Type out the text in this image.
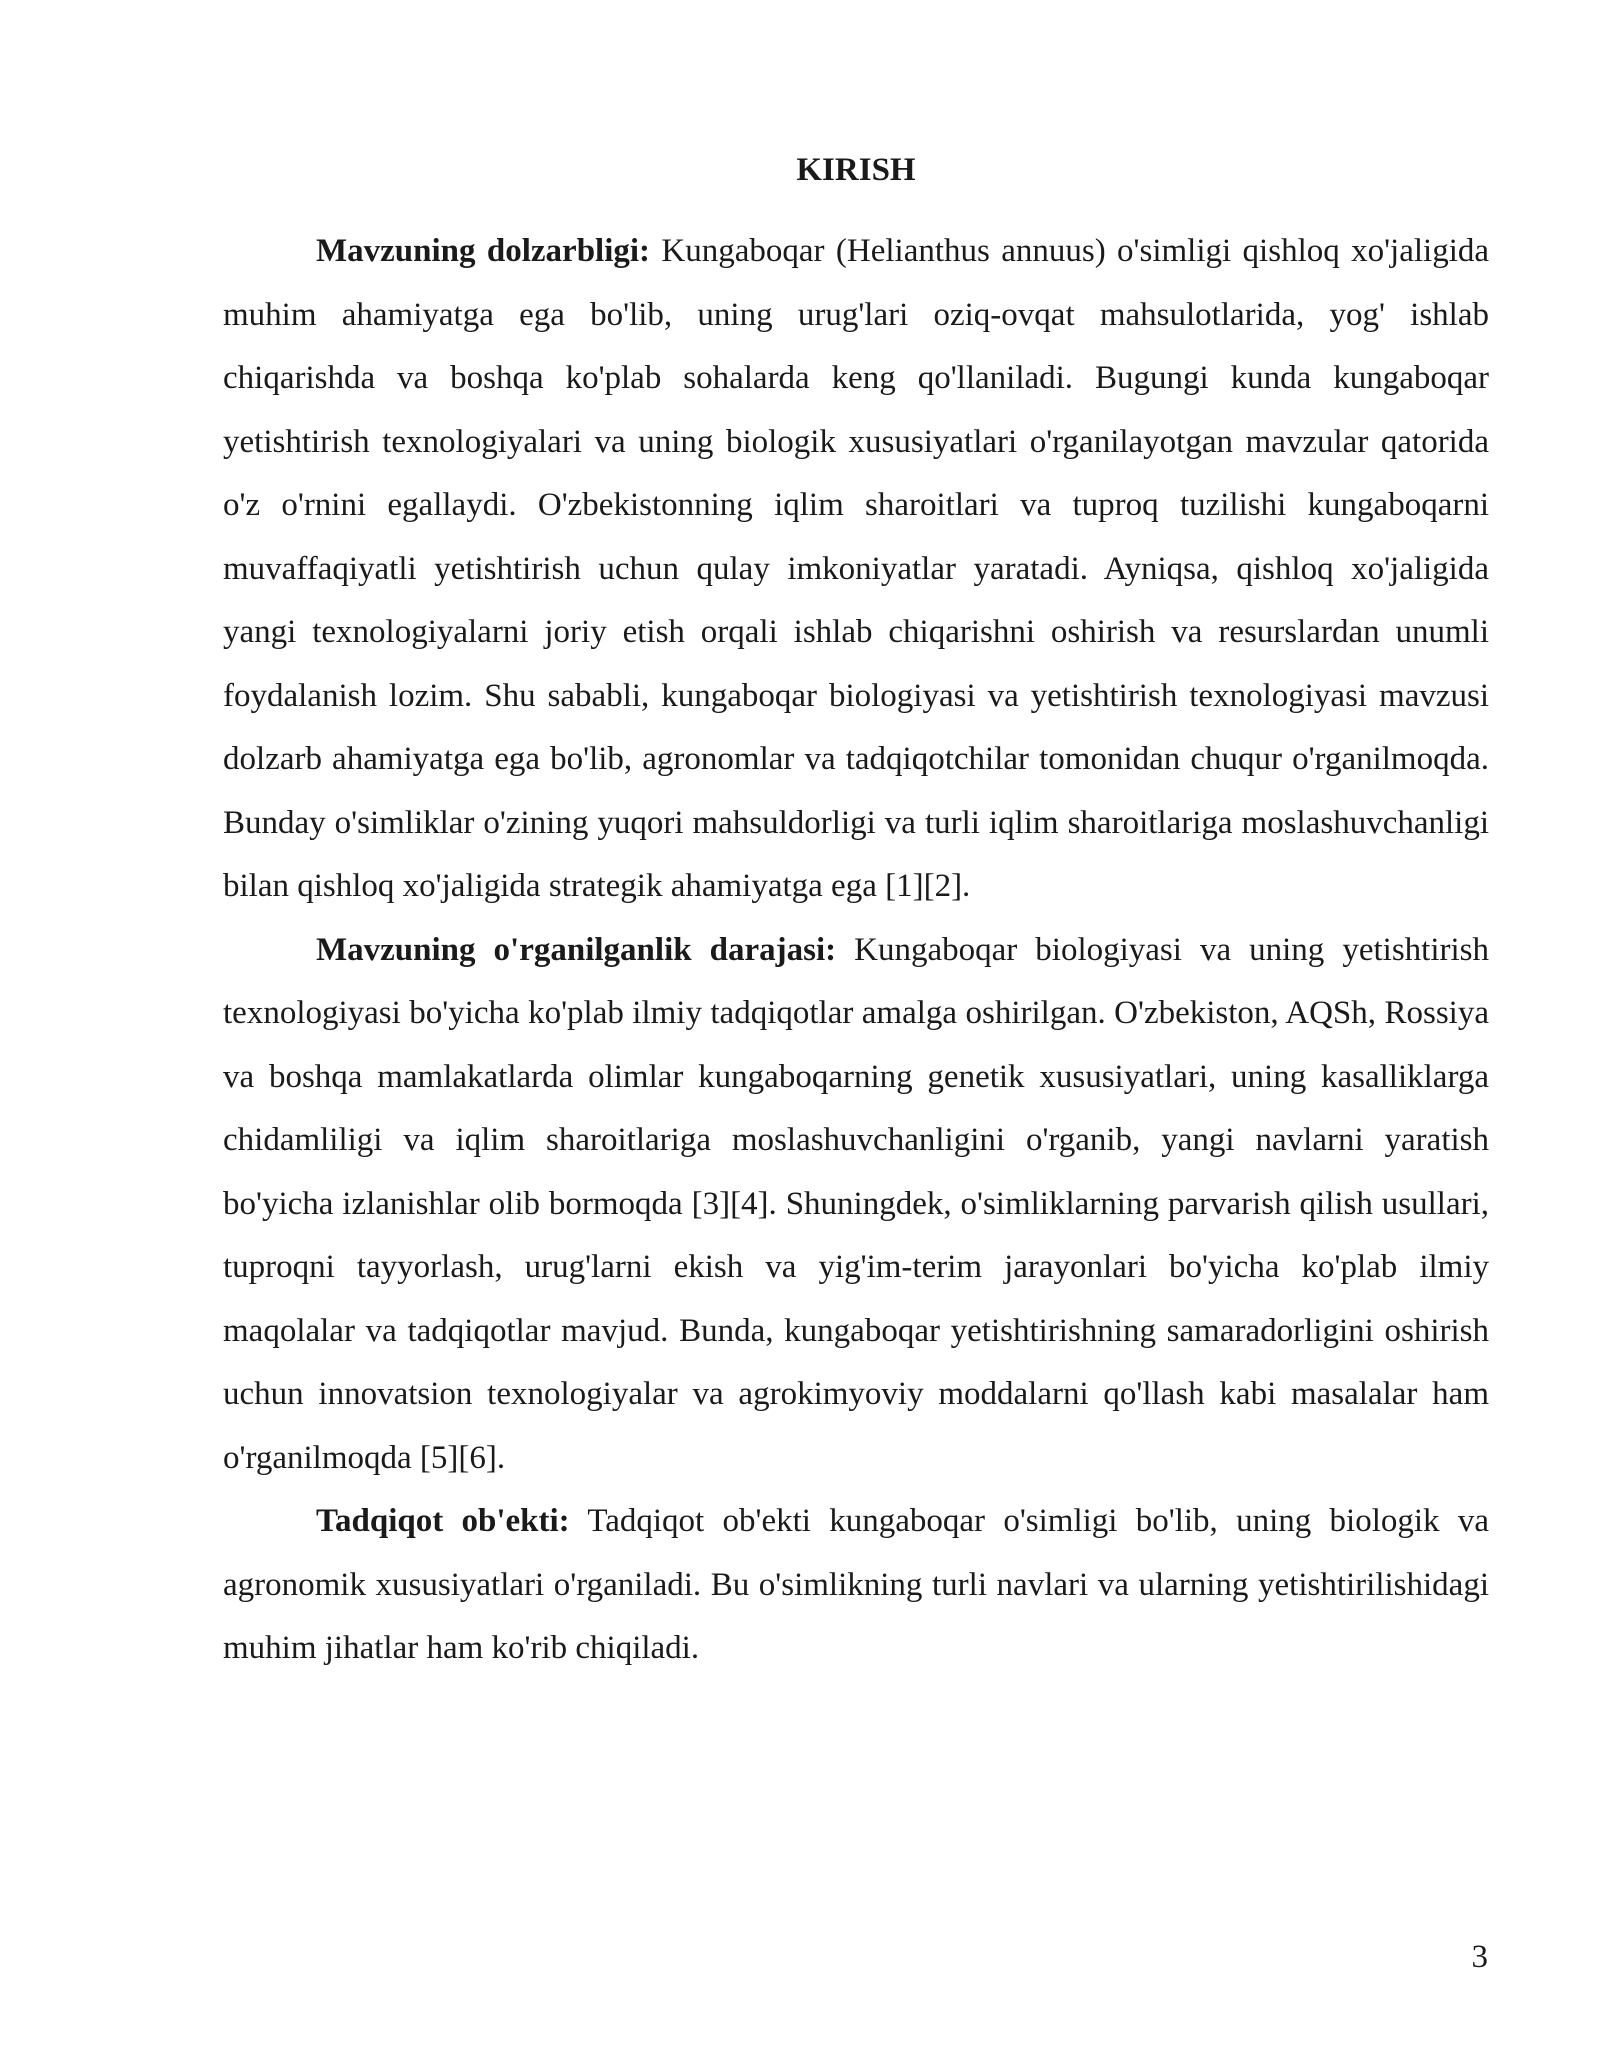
KIRISH

Mavzuning dolzarbligi: Kungaboqar (Helianthus annuus) o'simligi qishloq xo'jaligida muhim ahamiyatga ega bo'lib, uning urug'lari oziq-ovqat mahsulotlarida, yog' ishlab chiqarishda va boshqa ko'plab sohalarda keng qo'llaniladi. Bugungi kunda kungaboqar yetishtirish texnologiyalari va uning biologik xususiyatlari o'rganilayotgan mavzular qatorida o'z o'rnini egallaydi. O'zbekistonning iqlim sharoitlari va tuproq tuzilishi kungaboqarni muvaffaqiyatli yetishtirish uchun qulay imkoniyatlar yaratadi. Ayniqsa, qishloq xo'jaligida yangi texnologiyalarni joriy etish orqali ishlab chiqarishni oshirish va resurslardan unumli foydalanish lozim. Shu sababli, kungaboqar biologiyasi va yetishtirish texnologiyasi mavzusi dolzarb ahamiyatga ega bo'lib, agronomlar va tadqiqotchilar tomonidan chuqur o'rganilmoqda. Bunday o'simliklar o'zining yuqori mahsuldorligi va turli iqlim sharoitlariga moslashuvchanligi bilan qishloq xo'jaligida strategik ahamiyatga ega [1][2].

Mavzuning o'rganilganlik darajasi: Kungaboqar biologiyasi va uning yetishtirish texnologiyasi bo'yicha ko'plab ilmiy tadqiqotlar amalga oshirilgan. O'zbekiston, AQSh, Rossiya va boshqa mamlakatlarda olimlar kungaboqarning genetik xususiyatlari, uning kasalliklarga chidamliligi va iqlim sharoitlariga moslashuvchanligini o'rganib, yangi navlarni yaratish bo'yicha izlanishlar olib bormoqda [3][4]. Shuningdek, o'simliklarning parvarish qilish usullari, tuproqni tayyorlash, urug'larni ekish va yig'im-terim jarayonlari bo'yicha ko'plab ilmiy maqolalar va tadqiqotlar mavjud. Bunda, kungaboqar yetishtirishning samaradorligini oshirish uchun innovatsion texnologiyalar va agrokimyoviy moddalarni qo'llash kabi masalalar ham o'rganilmoqda [5][6].

Tadqiqot ob'ekti: Tadqiqot ob'ekti kungaboqar o'simligi bo'lib, uning biologik va agronomik xususiyatlari o'rganiladi. Bu o'simlikning turli navlari va ularning yetishtirilishidagi muhim jihatlar ham ko'rib chiqiladi.

3
